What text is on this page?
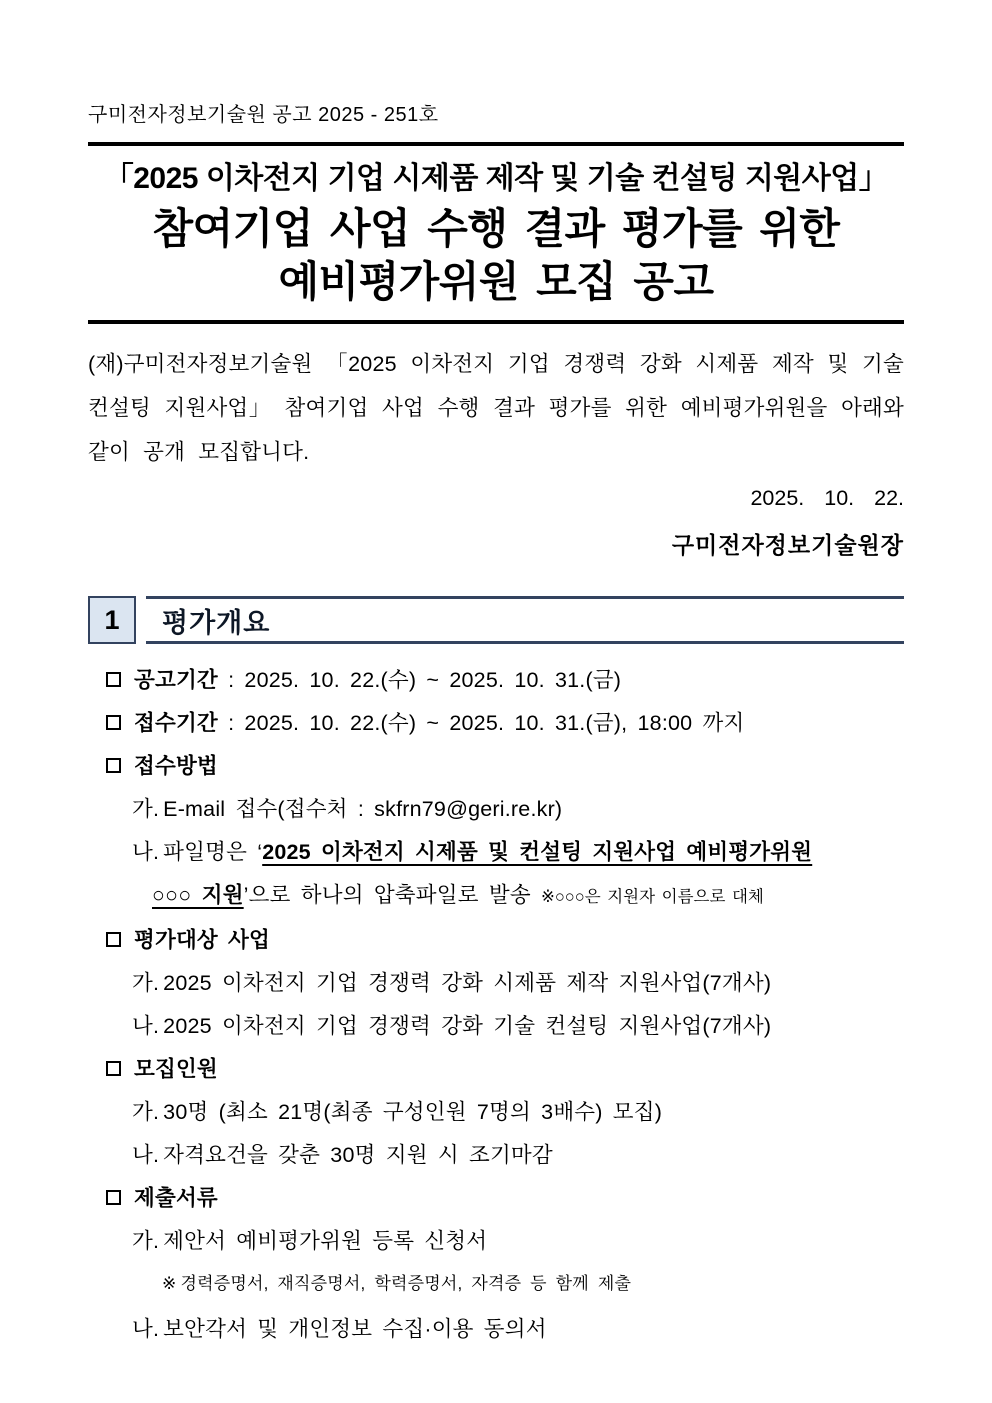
구미전자정보기술원 공고 2025 - 251호
「2025 이차전지 기업 시제품 제작 및 기술 컨설팅 지원사업」
참여기업 사업 수행 결과 평가를 위한
예비평가위원 모집 공고
(재)구미전자정보기술원 「2025 이차전지 기업 경쟁력 강화 시제품 제작 및 기술 컨설팅 지원사업」 참여기업 사업 수행 결과 평가를 위한 예비평가위원을 아래와 같이 공개 모집합니다.
2025. 10. 22.
구미전자정보기술원장
1	평가개요
공고기간 : 2025. 10. 22.(수) ~ 2025. 10. 31.(금)
접수기간 : 2025. 10. 22.(수) ~ 2025. 10. 31.(금), 18:00 까지
접수방법
가. E-mail 접수(접수처 : skfrn79@geri.re.kr)
나. 파일명은 ‘2025 이차전지 시제품 및 컨설팅 지원사업 예비평가위원
○○○ 지원’으로 하나의 압축파일로 발송 ※○○○은 지원자 이름으로 대체
평가대상 사업
가. 2025 이차전지 기업 경쟁력 강화 시제품 제작 지원사업(7개사)
나. 2025 이차전지 기업 경쟁력 강화 기술 컨설팅 지원사업(7개사)
모집인원
가. 30명 (최소 21명(최종 구성인원 7명의 3배수) 모집)
나. 자격요건을 갖춘 30명 지원 시 조기마감
제출서류
가. 제안서 예비평가위원 등록 신청서
※ 경력증명서, 재직증명서, 학력증명서, 자격증 등 함께 제출
나. 보안각서 및 개인정보 수집·이용 동의서
